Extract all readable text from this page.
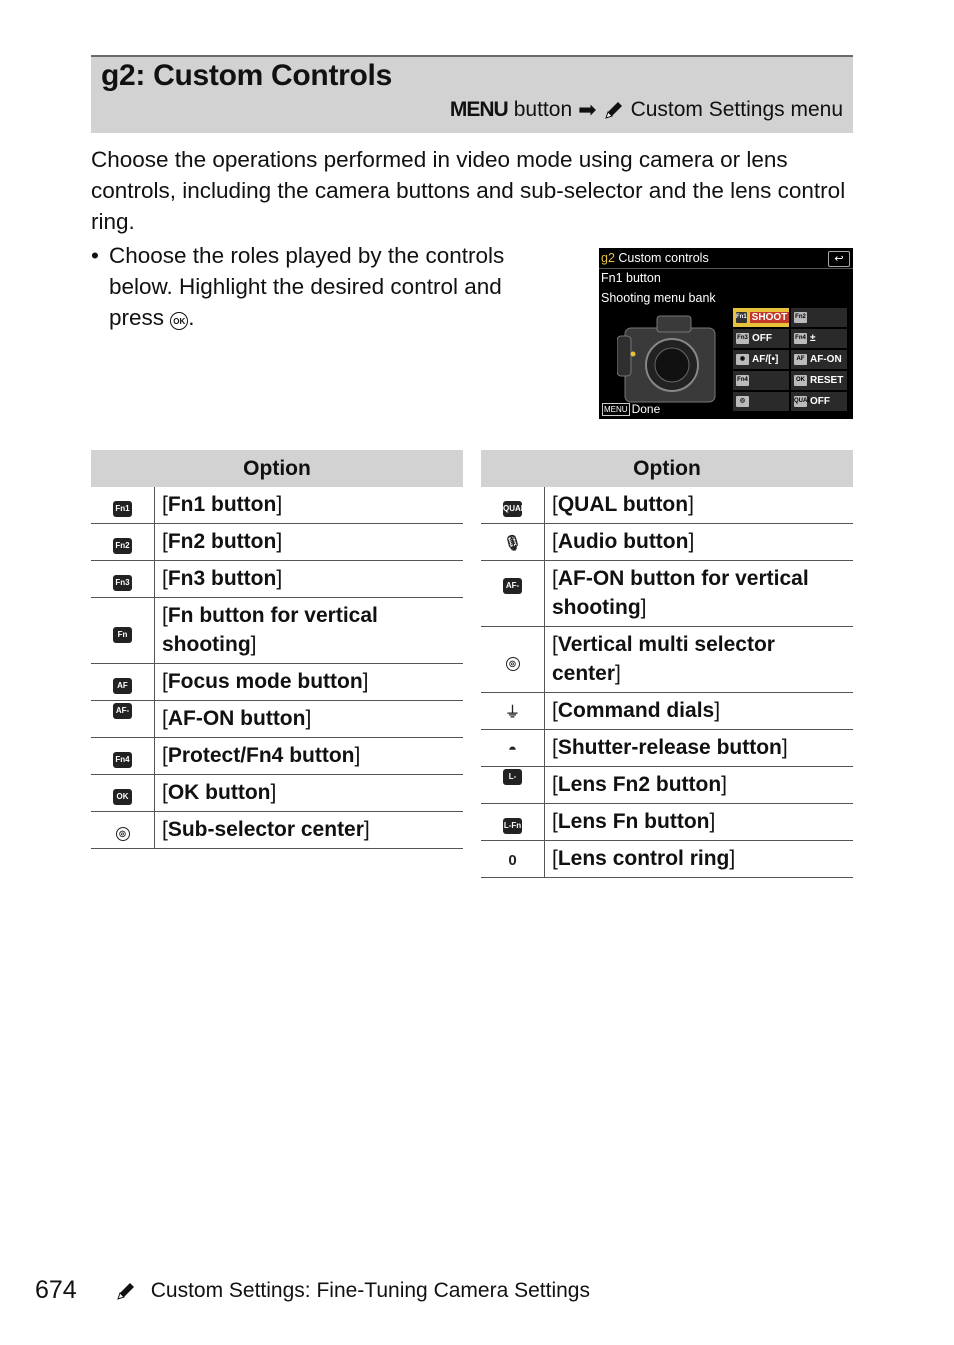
g2: Custom Controls
MENU button ➡ Custom Settings menu

Choose the operations performed in video mode using camera or lens controls, including the camera buttons and sub-selector and the lens control ring.

• Choose the roles played by the controls below. Highlight the desired control and press OK .
g2 Custom controls	↩
Fn1 button
Shooting menu bank
Fn1 SHOOT	Fn2
Fn3 OFF	Fn4 ±
◉ AF/[•]	AF AF-ON
Fn4	OK RESET
◎	QUAL OFF
MENU Done
Option	
Fn1	[Fn1 button]
Fn2	[Fn2 button]
Fn3	[Fn3 button]
Fn	[Fn button for vertical shooting]
AF	[Focus mode button]
AF-ON	[AF-ON button]
Fn4	[Protect/Fn4 button]
OK	[OK button]
◎	[Sub-selector center]
Option	
QUAL	[QUAL button]
🎙	[Audio button]
AF-ON	[AF-ON button for vertical shooting]
◎	[Vertical multi selector center]
⏚	[Command dials]
◓	[Shutter-release button]
L-Fn2	[Lens Fn2 button]
L-Fn	[Lens Fn button]
0	[Lens control ring]
674	Custom Settings: Fine-Tuning Camera Settings
